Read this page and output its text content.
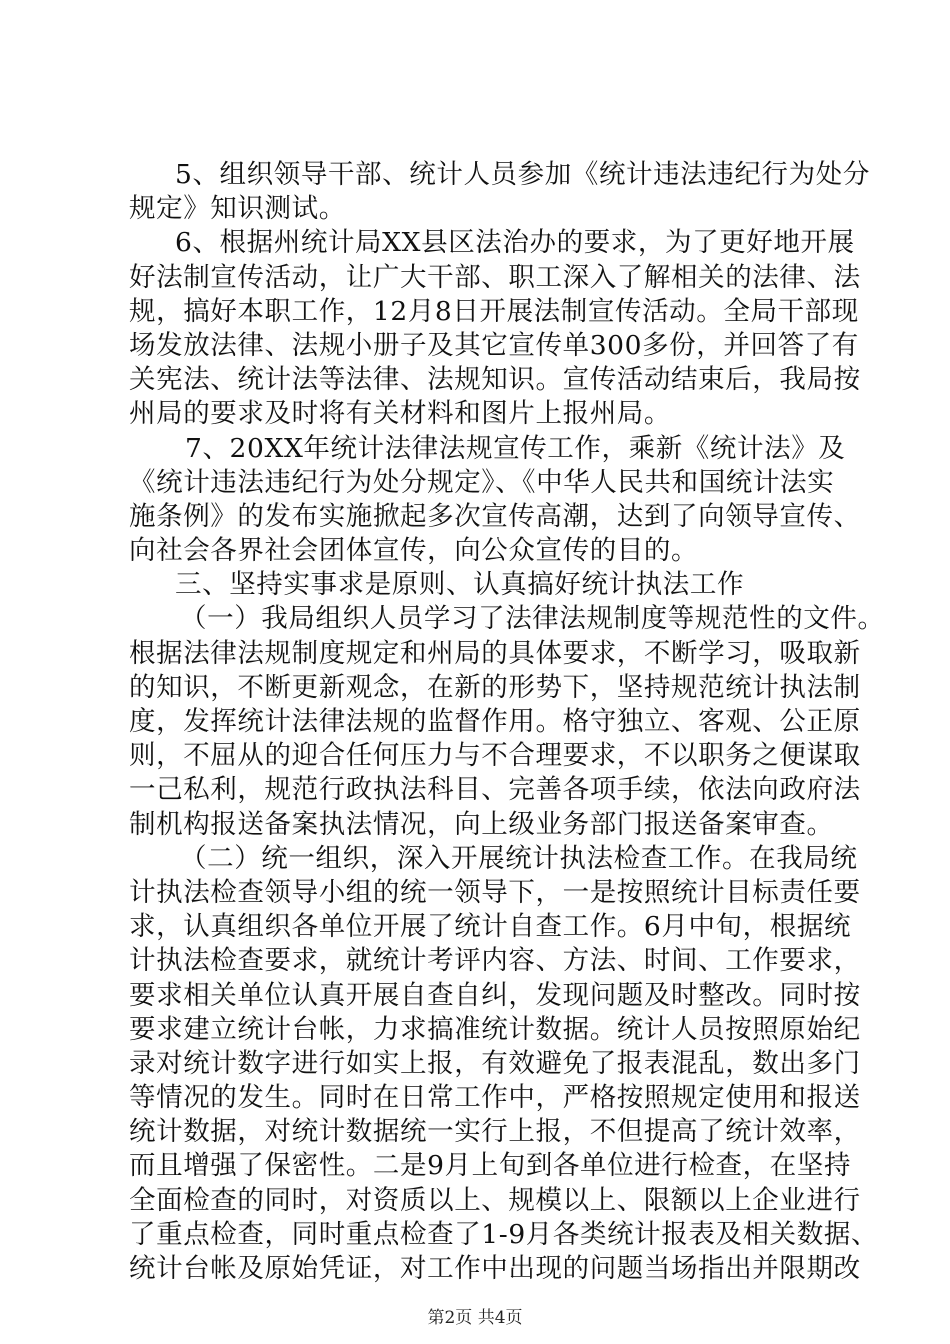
5、组织领导干部、统计人员参加《统计违法违纪行为处分
规定》知识测试。
6、根据州统计局XX县区法治办的要求，为了更好地开展
好法制宣传活动，让广大干部、职工深入了解相关的法律、法
规，搞好本职工作，12月8日开展法制宣传活动。全局干部现
场发放法律、法规小册子及其它宣传单300多份，并回答了有
关宪法、统计法等法律、法规知识。宣传活动结束后，我局按
州局的要求及时将有关材料和图片上报州局。
7、20XX年统计法律法规宣传工作，乘新《统计法》及
《统计违法违纪行为处分规定》、《中华人民共和国统计法实
施条例》的发布实施掀起多次宣传高潮，达到了向领导宣传、
向社会各界社会团体宣传，向公众宣传的目的。
三、坚持实事求是原则、认真搞好统计执法工作
（一）我局组织人员学习了法律法规制度等规范性的文件。
根据法律法规制度规定和州局的具体要求，不断学习，吸取新
的知识，不断更新观念，在新的形势下，坚持规范统计执法制
度，发挥统计法律法规的监督作用。格守独立、客观、公正原
则，不屈从的迎合任何压力与不合理要求，不以职务之便谋取
一己私利，规范行政执法科目、完善各项手续，依法向政府法
制机构报送备案执法情况，向上级业务部门报送备案审查。
（二）统一组织，深入开展统计执法检查工作。在我局统
计执法检查领导小组的统一领导下，一是按照统计目标责任要
求，认真组织各单位开展了统计自查工作。6月中旬，根据统
计执法检查要求，就统计考评内容、方法、时间、工作要求，
要求相关单位认真开展自查自纠，发现问题及时整改。同时按
要求建立统计台帐，力求搞准统计数据。统计人员按照原始纪
录对统计数字进行如实上报，有效避免了报表混乱，数出多门
等情况的发生。同时在日常工作中，严格按照规定使用和报送
统计数据，对统计数据统一实行上报，不但提高了统计效率，
而且增强了保密性。二是9月上旬到各单位进行检查，在坚持
全面检查的同时，对资质以上、规模以上、限额以上企业进行
了重点检查，同时重点检查了1-9月各类统计报表及相关数据、
统计台帐及原始凭证，对工作中出现的问题当场指出并限期改
第2页 共4页
